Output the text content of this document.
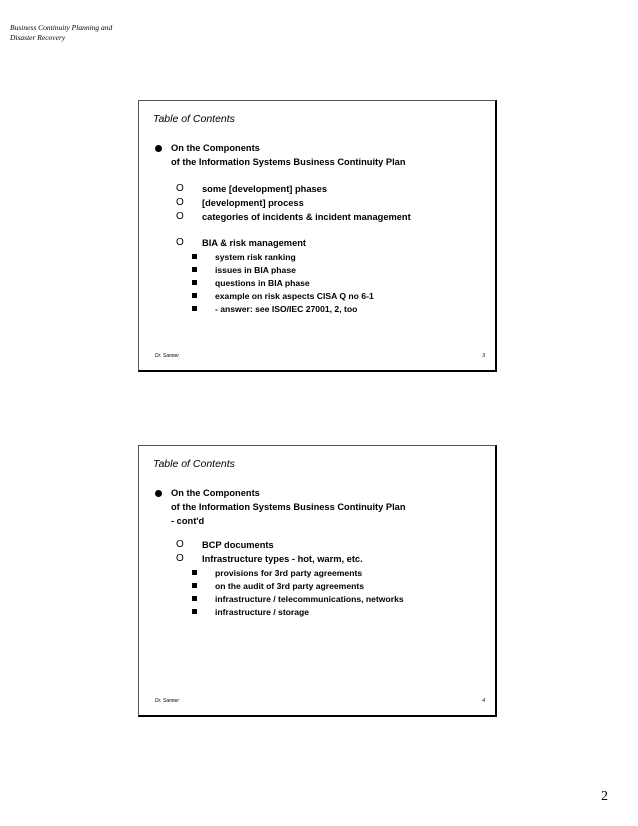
Business Continuity Planning and
Disaster Recovery
Table of Contents
On the Components
of the Information Systems Business Continuity Plan
O some [development] phases
O [development] process
O categories of incidents & incident management
O BIA & risk management
system risk ranking
issues in BIA phase
questions in BIA phase
example on risk aspects CISA Q no 6-1
- answer: see ISO/IEC 27001, 2, too
Dr. Sanner	3
Table of Contents
On the Components
of the Information Systems Business Continuity Plan
- cont'd
O BCP documents
O Infrastructure types - hot, warm, etc.
provisions for 3rd party agreements
on the audit of 3rd party agreements
infrastructure / telecommunications, networks
infrastructure / storage
Dr. Sanner	4
2
